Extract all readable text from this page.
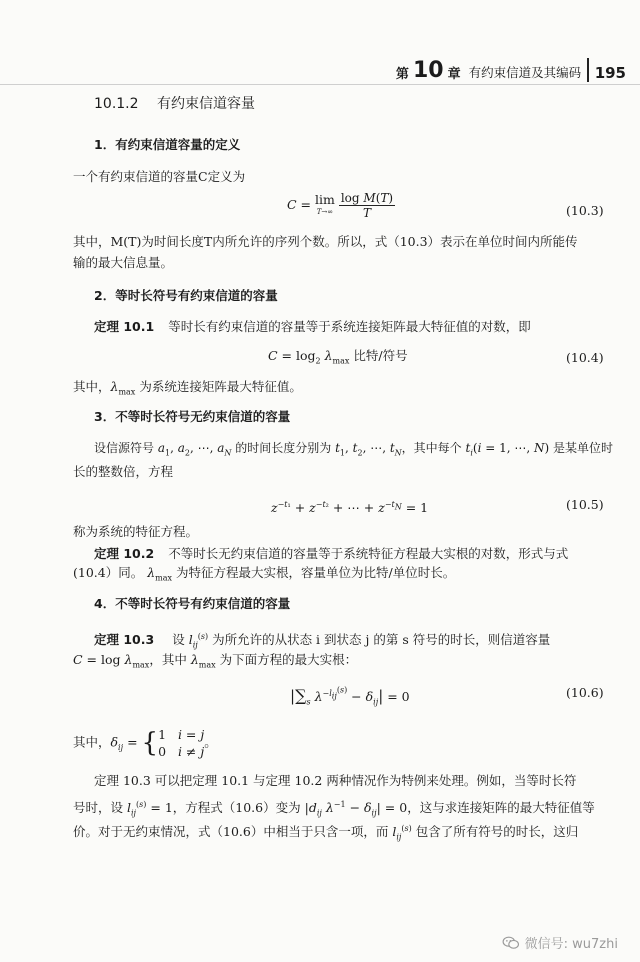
第 10 章 有约束信道及其编码 195
10.1.2 有约束信道容量
1．有约束信道容量的定义
一个有约束信道的容量C定义为
C = lim
T→∞
$\frac{\text{log M(T)}}{T}$	(10.3)
其中，M(T)为时间长度T内所允许的序列个数。所以，式（10.3）表示在单位时间内所能传
输的最大信息量。
2．等时长符号有约束信道的容量
定理 10.1 等时长有约束信道的容量等于系统连接矩阵最大特征值的对数，即
$C = \log_2 \lambda_{max}$ 比特/符号	(10.4)
其中，$\lambda_{max}$ 为系统连接矩阵最大特征值。
3．不等时长符号无约束信道的容量
设信源符号 $a_1$, $a_2$, ⋯, $a_N$ 的时间长度分别为 $t_1$, $t_2$, ⋯, $t_N$，其中每个 $t_i(i = 1$, ⋯, N) 是某单位时
长的整数倍，方程
$z^{-t_1} + z^{-t_2}$ + ⋯ + $z^{-t_N} = 1$	(10.5)
称为系统的特征方程。
定理 10.2 不等时长无约束信道的容量等于系统特征方程最大实根的对数，形式与式
(10.4）同。 $\lambda_{max}$ 为特征方程最大实根，容量单位为比特/单位时长。
4．不等时长符号有约束信道的容量
定理 10.3 设 $l_{ij}^{(s)}$ 为所允许的从状态 i 到状态 j 的第 s 符号的时长，则信道容量
$C = \log \lambda_{max}$，其中 $\lambda_{max}$ 为下面方程的最大实根：
$|\sum_s$ $\lambda^{-l_{ij}^{(s)}} - \delta_{ij}| = 0$	(10.6)
其中，$\delta_{ij} = \{1$   i = j
0   i ≠ j。
定理 10.3 可以把定理 10.1 与定理 10.2 两种情况作为特例来处理。例如，当等时长符
号时，设 $l_{ij}^{(s)} = 1$，方程式（10.6）变为 $|d_{ij}$ $\lambda^{-1} - \delta_{ij}| = 0$，这与求连接矩阵的最大特征值等
价。对于无约束情况，式（10.6）中相当于只含一项，而 $l_{ij}^{(s)}$ 包含了所有符号的时长，这归
微信号: wu7zhi
